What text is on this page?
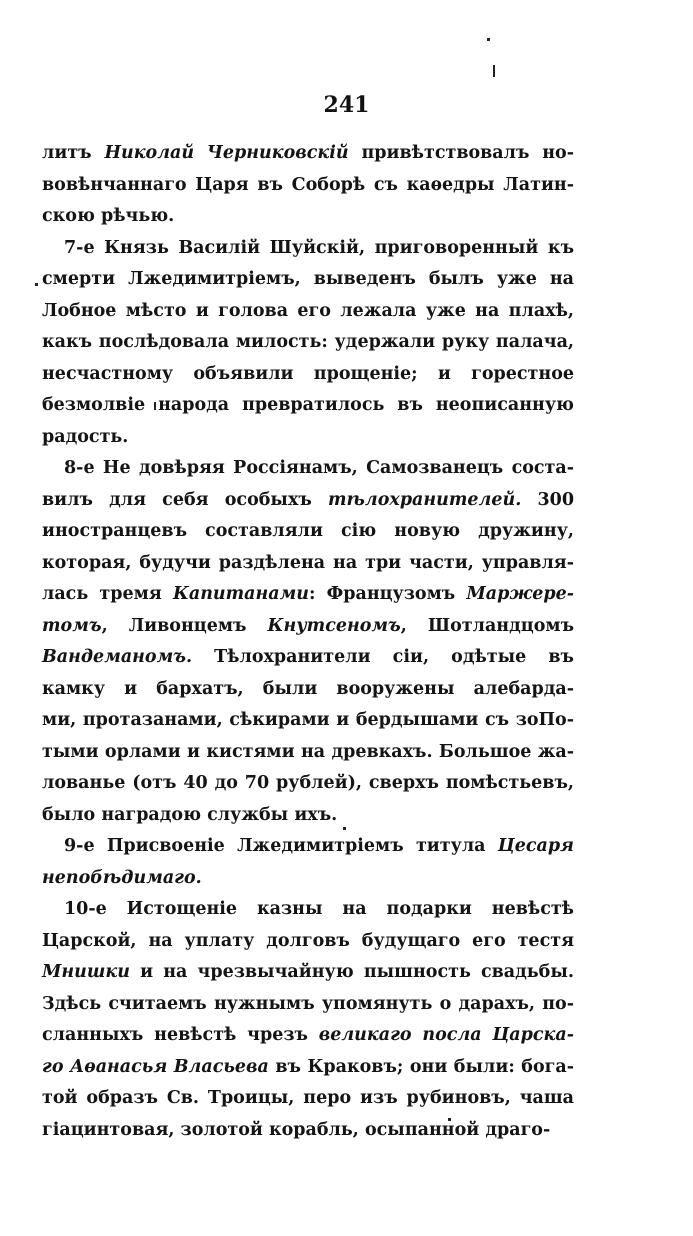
241
литъ Николай Черниковскій привѣтствовалъ но-
вовѣнчаннаго Царя въ Соборѣ съ каѳедры Латин-
скою рѣчью.
7-е Князь Василій Шуйскій, приговоренный къ
смерти Лжедимитріемъ, выведенъ былъ уже на
Лобное мѣсто и голова его лежала уже на плахѣ,
какъ послѣдовала милость: удержали руку палача,
несчастному объявили прощеніе; и горестное
безмолвіе народа превратилось въ неописанную
радость.
8-е Не довѣряя Россіянамъ, Самозванецъ соста-
вилъ для себя особыхъ тѣлохранителей. 300
иностранцевъ составляли сію новую дружину,
которая, будучи раздѣлена на три части, управля-
лась тремя Капитанами: Французомъ Маржере-
томъ, Ливонцемъ Кнутсеномъ, Шотландцомъ
Вандеманомъ. Тѣлохранители сіи, одѣтые въ
камку и бархатъ, были вооружены алебарда-
ми, протазанами, сѣкирами и бердышами съ зоПо-
тыми орлами и кистями на древкахъ. Большое жа-
лованье (отъ 40 до 70 рублей), сверхъ помѣстьевъ,
было наградою службы ихъ.
9-е Присвоеніе Лжедимитріемъ титула Цесаря
непобѣдимаго.
10-е Истощеніе казны на подарки невѣстѣ
Царской, на уплату долговъ будущаго его тестя
Мнишки и на чрезвычайную пышность свадьбы.
Здѣсь считаемъ нужнымъ упомянуть о дарахъ, по-
сланныхъ невѣстѣ чрезъ великаго посла Царска-
го Аѳанасья Власьева въ Краковъ; они были: бога-
той образъ Св. Троицы, перо изъ рубиновъ, чаша
гіацинтовая, золотой корабль, осыпанной драго-
